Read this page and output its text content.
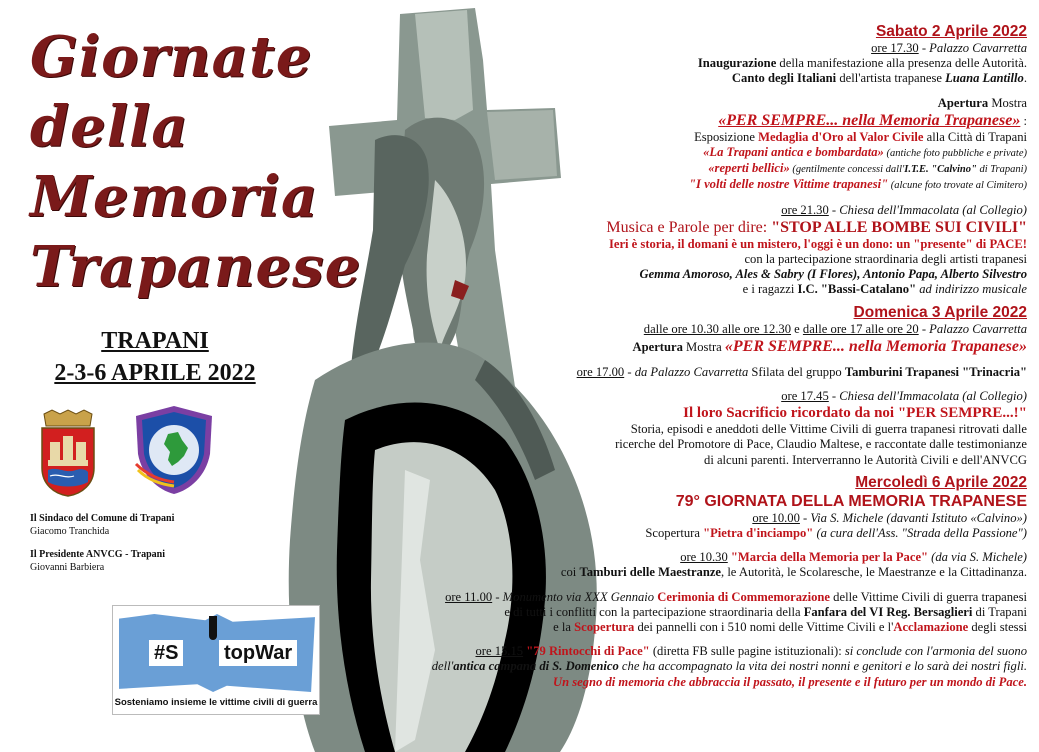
Giornate
della
Memoria
Trapanese
TRAPANI
2-3-6 APRILE 2022
Il Sindaco del Comune di Trapani
Giacomo Tranchida
Il Presidente ANVCG - Trapani
Giovanni Barbiera
#S topWar
Sosteniamo insieme le vittime civili di guerra

Sabato 2 Aprile 2022

ore 17.30 - Palazzo Cavarretta

Inaugurazione della manifestazione alla presenza delle Autorità.

Canto degli Italiani dell'artista trapanese Luana Lantillo.

Apertura Mostra

«PER SEMPRE... nella Memoria Trapanese» :

Esposizione Medaglia d'Oro al Valor Civile alla Città di Trapani

«La Trapani antica e bombardata» (antiche foto pubbliche e private)

«reperti bellici» (gentilmente concessi dall'I.T.E. "Calvino" di Trapani)

"I volti delle nostre Vittime trapanesi" (alcune foto trovate al Cimitero)

ore 21.30 - Chiesa dell'Immacolata (al Collegio)

Musica e Parole per dire: "STOP ALLE BOMBE SUI CIVILI"

Ieri è storia, il domani è un mistero, l'oggi è un dono: un "presente" di PACE!

con la partecipazione straordinaria degli artisti trapanesi

Gemma Amoroso, Ales & Sabry (I Flores), Antonio Papa, Alberto Silvestro

e i ragazzi I.C. "Bassi-Catalano" ad indirizzo musicale

Domenica 3 Aprile 2022

dalle ore 10.30 alle ore 12.30 e dalle ore 17 alle ore 20 - Palazzo Cavarretta

Apertura Mostra «PER SEMPRE... nella Memoria Trapanese»

ore 17.00 - da Palazzo Cavarretta Sfilata del gruppo Tamburini Trapanesi "Trinacria"

ore 17.45 - Chiesa dell'Immacolata (al Collegio)

Il loro Sacrificio ricordato da noi "PER SEMPRE...!"

Storia, episodi e aneddoti delle Vittime Civili di guerra trapanesi ritrovati dalle

ricerche del Promotore di Pace, Claudio Maltese, e raccontate dalle testimonianze

di alcuni parenti. Interverranno le Autorità Civili e dell'ANVCG

Mercoledì 6 Aprile 2022

79° GIORNATA DELLA MEMORIA TRAPANESE

ore 10.00 - Via S. Michele (davanti Istituto «Calvino»)

Scopertura "Pietra d'inciampo" (a cura dell'Ass. "Strada della Passione")

ore 10.30 "Marcia della Memoria per la Pace" (da via S. Michele)

coi Tamburi delle Maestranze, le Autorità, le Scolaresche, le Maestranze e la Cittadinanza.

ore 11.00 - Monumento via XXX Gennaio Cerimonia di Commemorazione delle Vittime Civili di guerra trapanesi

e di tutti i conflitti con la partecipazione straordinaria della Fanfara del VI Reg. Bersaglieri di Trapani

e la Scopertura dei pannelli con i 510 nomi delle Vittime Civili e l'Acclamazione degli stessi

ore 15.15 "79 Rintocchi di Pace" (diretta FB sulle pagine istituzionali): si conclude con l'armonia del suono

dell'antica campana di S. Domenico che ha accompagnato la vita dei nostri nonni e genitori e lo sarà dei nostri figli.

Un segno di memoria che abbraccia il passato, il presente e il futuro per un mondo di Pace.
